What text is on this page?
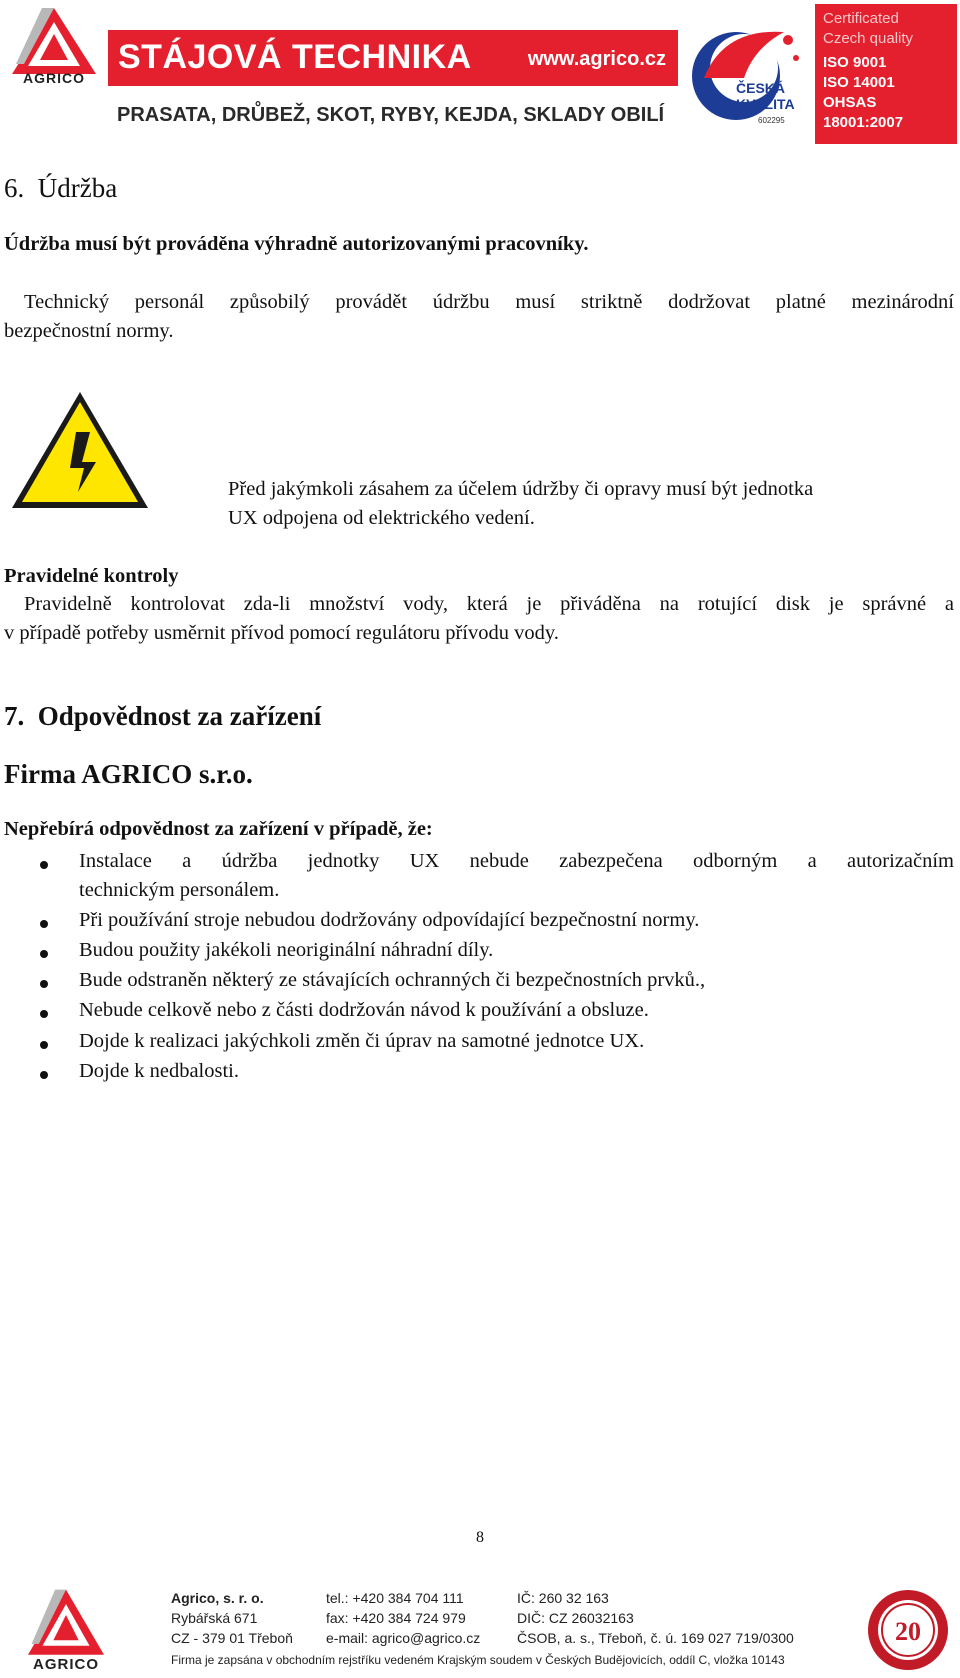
AGRICO
STÁJOVÁ TECHNIKA	www.agrico.cz
PRASATA, DRŮBEŽ, SKOT, RYBY, KEJDA, SKLADY OBILÍ
ČESKÁ
KVALITA
602295
Certificated
Czech quality
ISO 9001
ISO 14001
OHSAS
18001:2007
6. Údržba
Údržba musí být prováděna výhradně autorizovanými pracovníky.
Technický personál způsobilý provádět údržbu musí striktně dodržovat platné mezinárodní
bezpečnostní normy.
Před jakýmkoli zásahem za účelem údržby či opravy musí být jednotka
UX odpojena od elektrického vedení.
Pravidelné kontroly
Pravidelně kontrolovat zda-li množství vody, která je přiváděna na rotující disk je správné a
v případě potřeby usměrnit přívod pomocí regulátoru přívodu vody.
7. Odpovědnost za zařízení
Firma AGRICO s.r.o.
Nepřebírá odpovědnost za zařízení v případě, že:
Instalace a údržba jednotky UX nebude zabezpečena odborným a autorizačním
technickým personálem.
Při používání stroje nebudou dodržovány odpovídající bezpečnostní normy.
Budou použity jakékoli neoriginální náhradní díly.
Bude odstraněn některý ze stávajících ochranných či bezpečnostních prvků.,
Nebude celkově nebo z části dodržován návod k používání a obsluze.
Dojde k realizaci jakýchkoli změn či úprav na samotné jednotce UX.
Dojde k nedbalosti.
8
AGRICO
Agrico, s. r. o.
Rybářská 671
CZ - 379 01 Třeboň
tel.: +420 384 704 111
fax: +420 384 724 979
e-mail: agrico@agrico.cz
IČ: 260 32 163
DIČ: CZ 26032163
ČSOB, a. s., Třeboň, č. ú. 169 027 719/0300
Firma je zapsána v obchodním rejstříku vedeném Krajským soudem v Českých Budějovicích, oddíl C, vložka 10143
20
